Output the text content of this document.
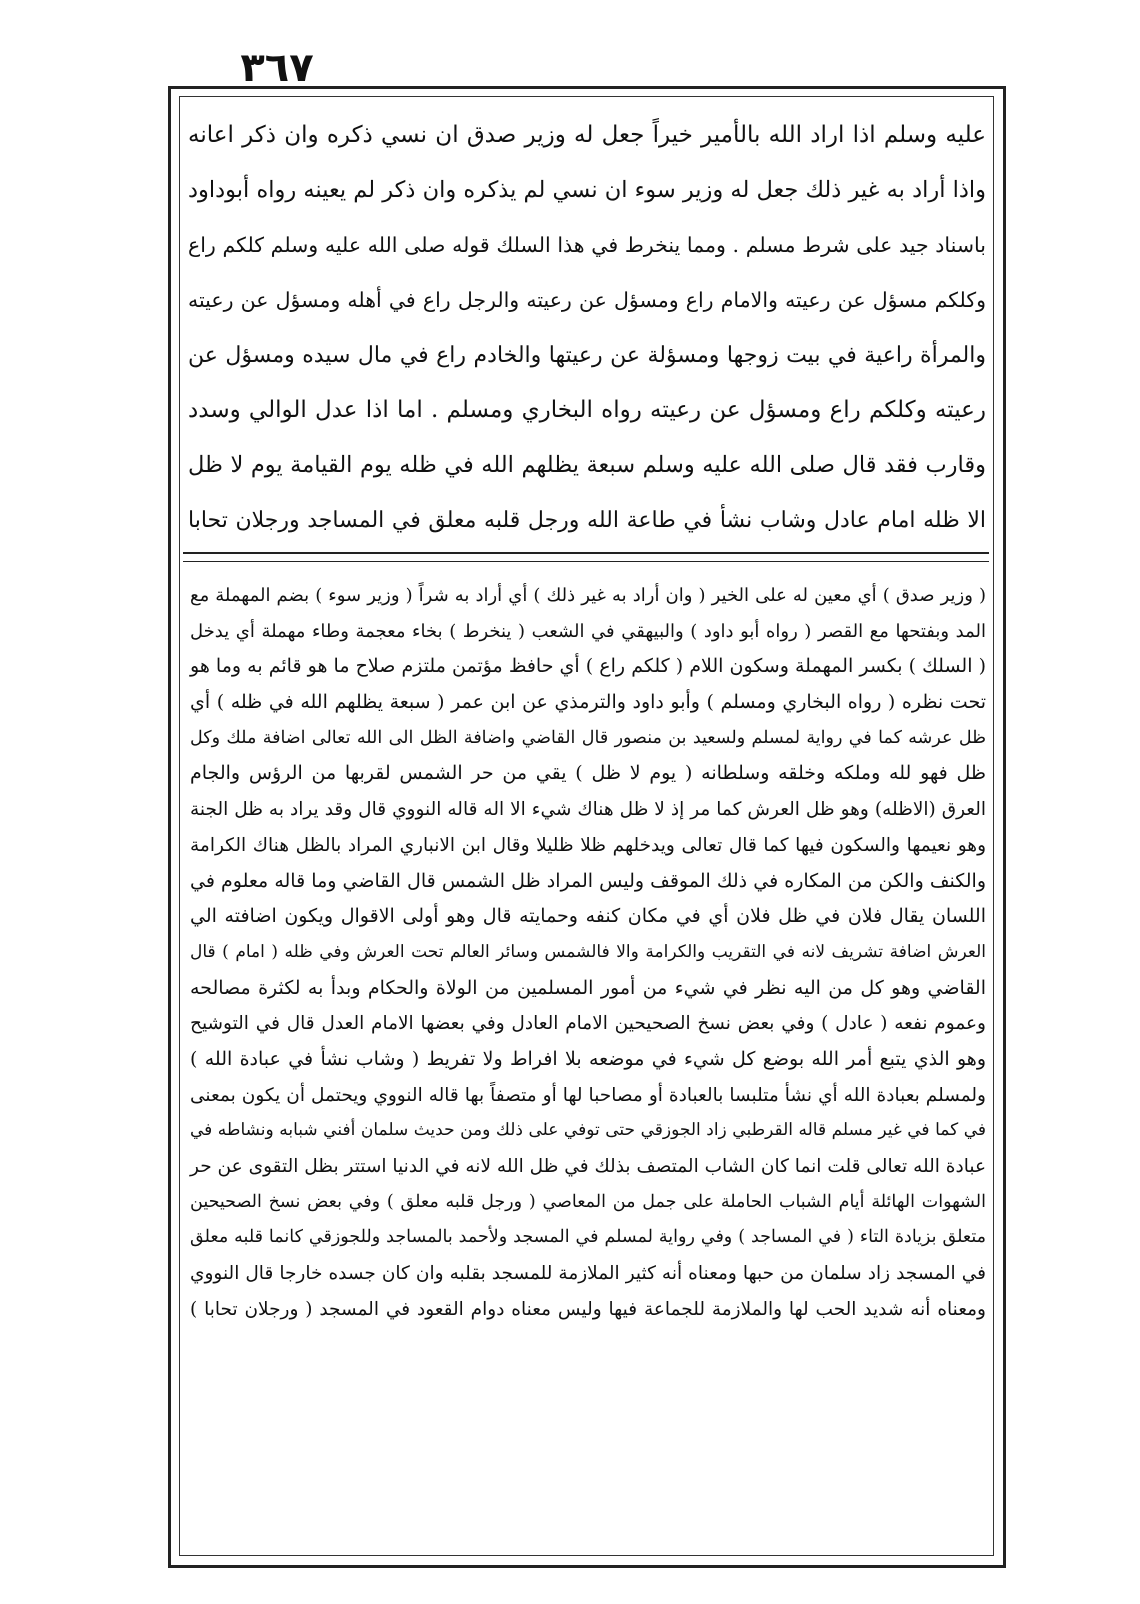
٣٦٧
عليه وسلم اذا اراد الله بالأمير خيراً جعل له وزير صدق ان نسي ذكره وان ذكر اعانه
واذا أراد به غير ذلك جعل له وزير سوء ان نسي لم يذكره وان ذكر لم يعينه رواه أبوداود
باسناد جيد على شرط مسلم . ومما ينخرط في هذا السلك قوله صلى الله عليه وسلم كلكم راع
وكلكم مسؤل عن رعيته والامام راع ومسؤل عن رعيته والرجل راع في أهله ومسؤل عن رعيته
والمرأة راعية في بيت زوجها ومسؤلة عن رعيتها والخادم راع في مال سيده ومسؤل عن
رعيته وكلكم راع ومسؤل عن رعيته رواه البخاري ومسلم . اما اذا عدل الوالي وسدد
وقارب فقد قال صلى الله عليه وسلم سبعة يظلهم الله في ظله يوم القيامة يوم لا ظل
الا ظله امام عادل وشاب نشأ في طاعة الله ورجل قلبه معلق في المساجد ورجلان تحابا
( وزير صدق ) أي معين له على الخير ( وان أراد به غير ذلك ) أي أراد به شراً ( وزير سوء ) بضم المهملة مع
المد وبفتحها مع القصر ( رواه أبو داود ) والبيهقي في الشعب ( ينخرط ) بخاء معجمة وطاء مهملة أي يدخل
( السلك ) بكسر المهملة وسكون اللام ( كلكم راع ) أي حافظ مؤتمن ملتزم صلاح ما هو قائم به وما هو
تحت نظره ( رواه البخاري ومسلم ) وأبو داود والترمذي عن ابن عمر ( سبعة يظلهم الله في ظله ) أي
ظل عرشه كما في رواية لمسلم ولسعيد بن منصور قال القاضي واضافة الظل الى الله تعالى اضافة ملك وكل
ظل فهو لله وملكه وخلقه وسلطانه ( يوم لا ظل ) يقي من حر الشمس لقربها من الرؤس والجام
العرق (الاظله) وهو ظل العرش كما مر إذ لا ظل هناك شيء الا اله قاله النووي قال وقد يراد به ظل الجنة
وهو نعيمها والسكون فيها كما قال تعالى ويدخلهم ظلا ظليلا وقال ابن الانباري المراد بالظل هناك الكرامة
والكنف والكن من المكاره في ذلك الموقف وليس المراد ظل الشمس قال القاضي وما قاله معلوم في
اللسان يقال فلان في ظل فلان أي في مكان كنفه وحمايته قال وهو أولى الاقوال ويكون اضافته الي
العرش اضافة تشريف لانه في التقريب والكرامة والا فالشمس وسائر العالم تحت العرش وفي ظله ( امام ) قال
القاضي وهو كل من اليه نظر في شيء من أمور المسلمين من الولاة والحكام وبدأ به لكثرة مصالحه
وعموم نفعه ( عادل ) وفي بعض نسخ الصحيحين الامام العادل وفي بعضها الامام العدل قال في التوشيح
وهو الذي يتبع أمر الله بوضع كل شيء في موضعه بلا افراط ولا تفريط ( وشاب نشأ في عبادة الله )
ولمسلم بعبادة الله أي نشأ متلبسا بالعبادة أو مصاحبا لها أو متصفاً بها قاله النووي ويحتمل أن يكون بمعنى
في كما في غير مسلم قاله القرطبي زاد الجوزقي حتى توفي على ذلك ومن حديث سلمان أفني شبابه ونشاطه في
عبادة الله تعالى قلت انما كان الشاب المتصف بذلك في ظل الله لانه في الدنيا استتر بظل التقوى عن حر
الشهوات الهائلة أيام الشباب الحاملة على جمل من المعاصي ( ورجل قلبه معلق ) وفي بعض نسخ الصحيحين
متعلق بزيادة التاء ( في المساجد ) وفي رواية لمسلم في المسجد ولأحمد بالمساجد وللجوزقي كانما قلبه معلق
في المسجد زاد سلمان من حبها ومعناه أنه كثير الملازمة للمسجد بقلبه وان كان جسده خارجا قال النووي
ومعناه أنه شديد الحب لها والملازمة للجماعة فيها وليس معناه دوام القعود في المسجد ( ورجلان تحابا )
